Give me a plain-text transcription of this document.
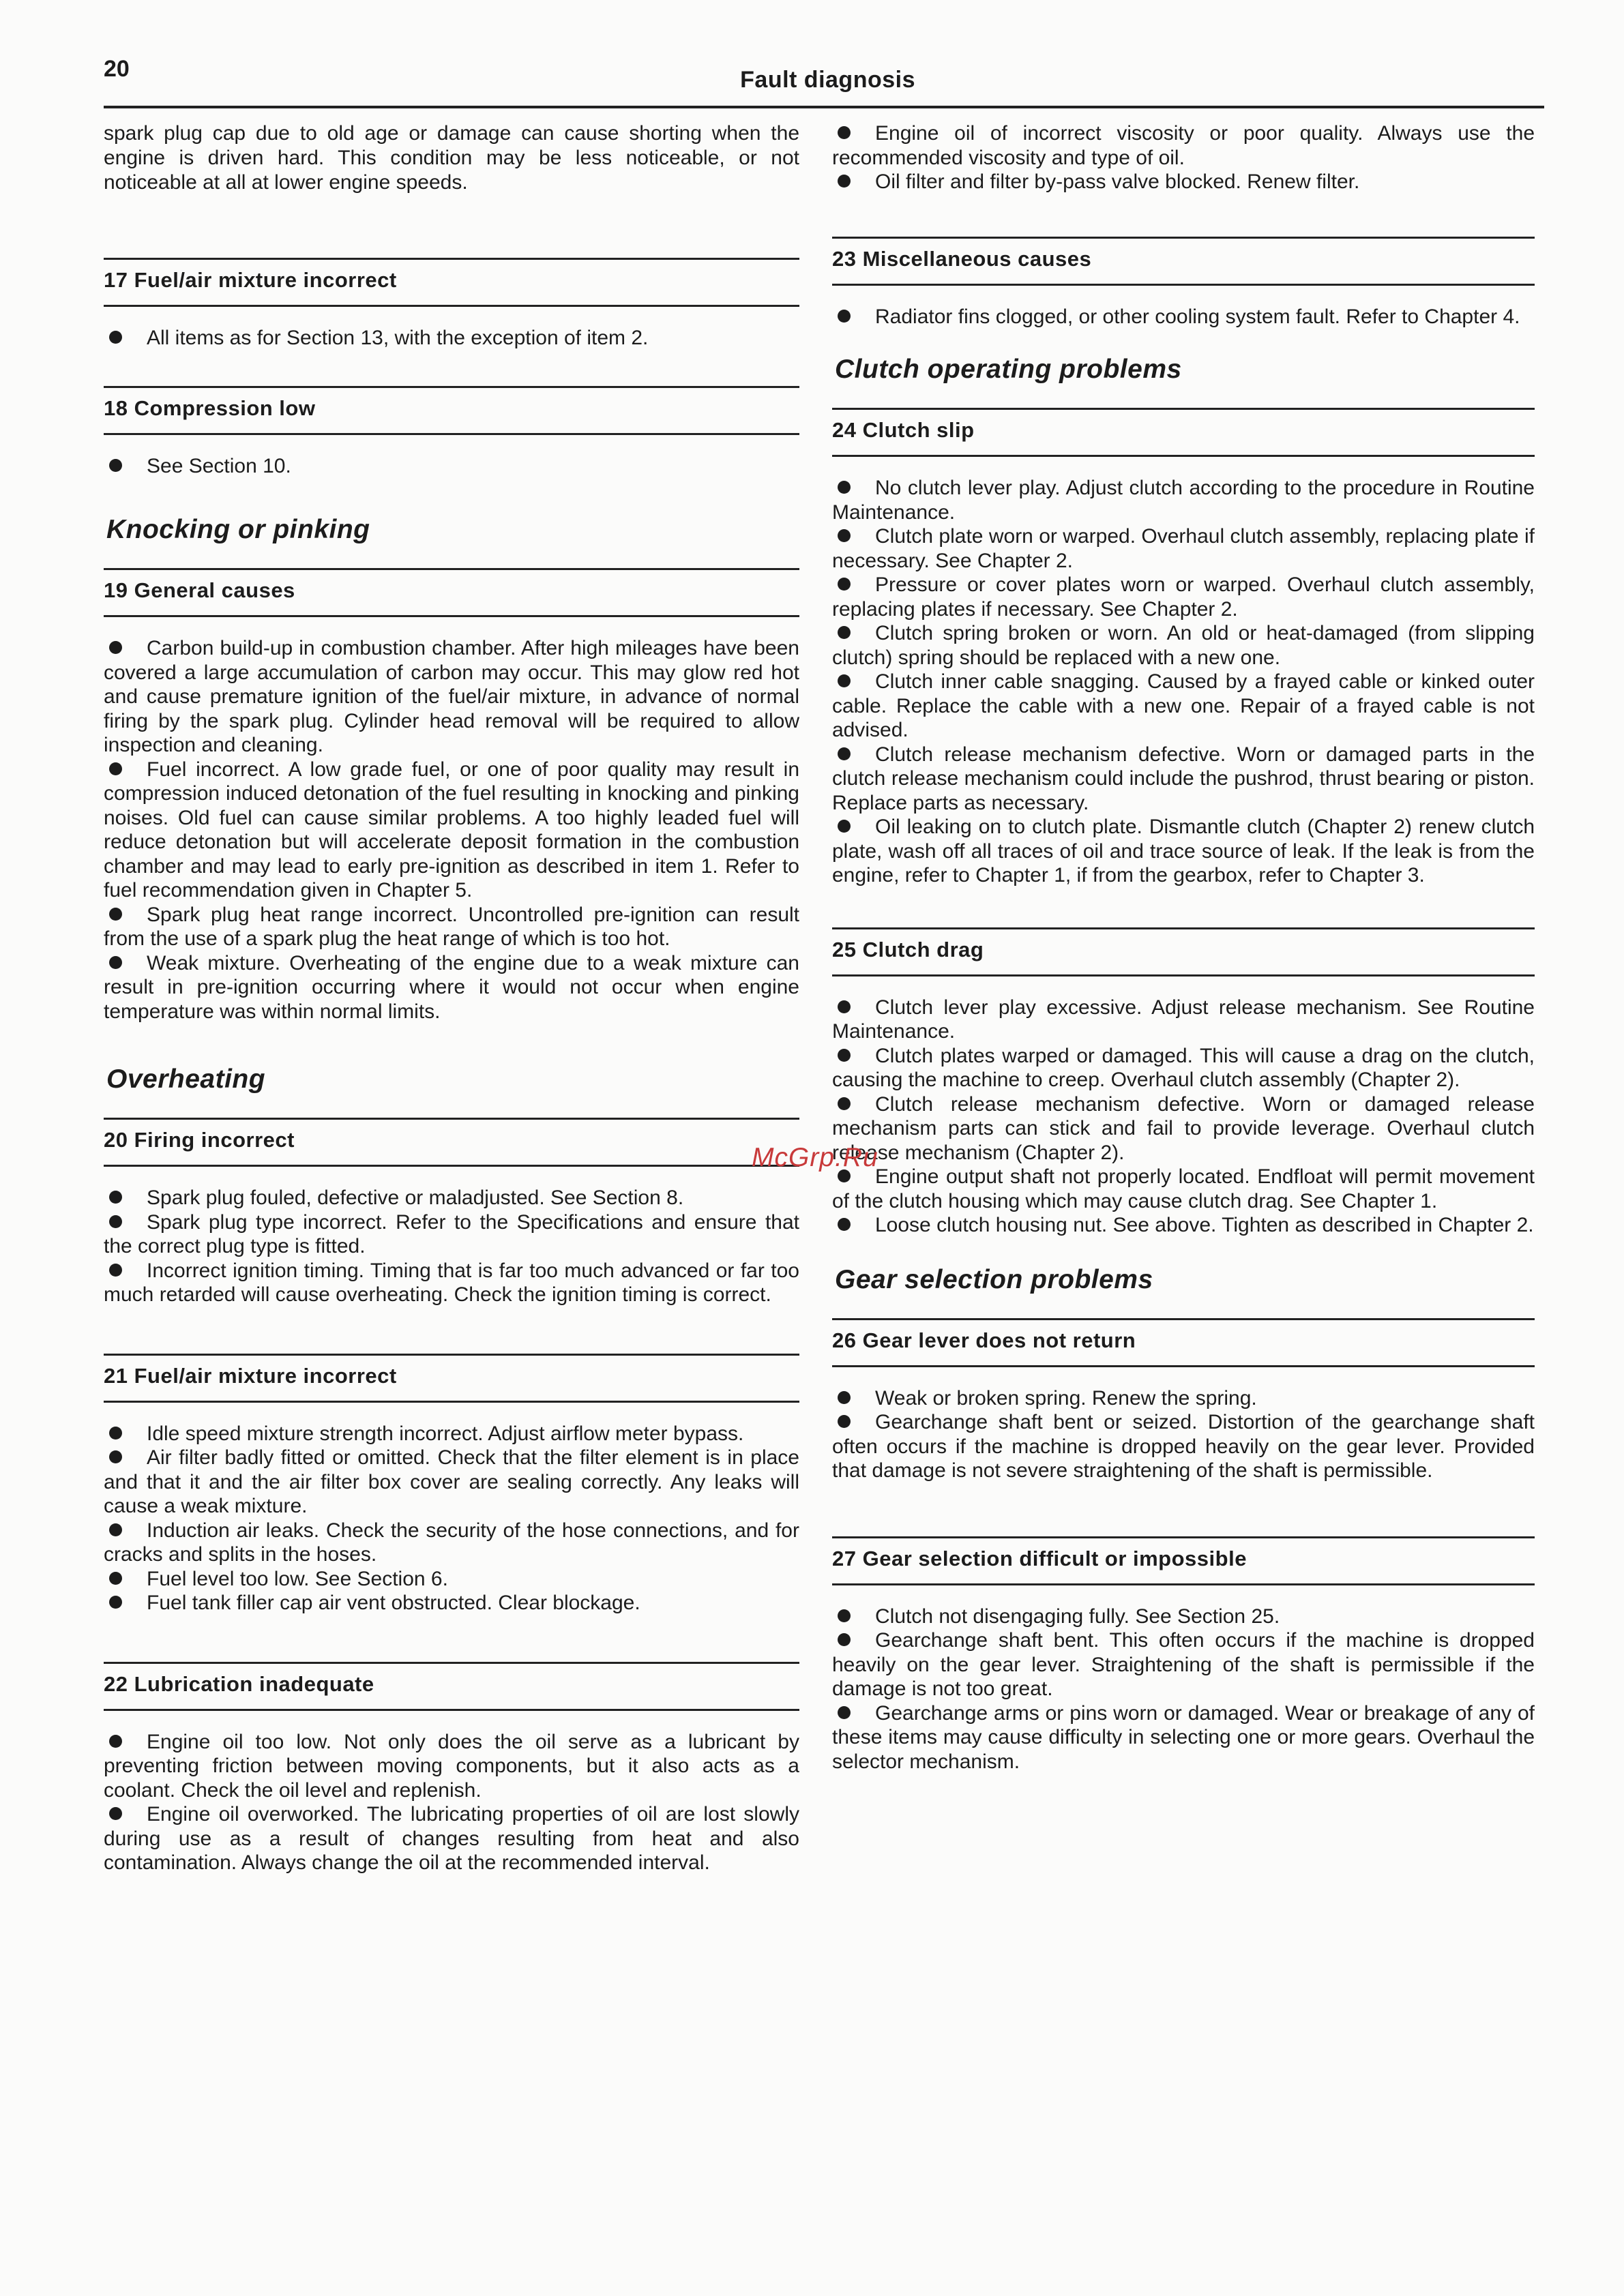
20	Fault diagnosis

spark plug cap due to old age or damage can cause shorting when the engine is driven hard. This condition may be less noticeable, or not noticeable at all at lower engine speeds.

17 Fuel/air mixture incorrect

All items as for Section 13, with the exception of item 2.

18 Compression low

See Section 10.

Knocking or pinking
19 General causes

Carbon build-up in combustion chamber. After high mileages have been covered a large accumulation of carbon may occur. This may glow red hot and cause premature ignition of the fuel/air mixture, in advance of normal firing by the spark plug. Cylinder head removal will be required to allow inspection and cleaning.

Fuel incorrect. A low grade fuel, or one of poor quality may result in compression induced detonation of the fuel resulting in knocking and pinking noises. Old fuel can cause similar problems. A too highly leaded fuel will reduce detonation but will accelerate deposit formation in the combustion chamber and may lead to early pre-ignition as described in item 1. Refer to fuel recommendation given in Chapter 5.

Spark plug heat range incorrect. Uncontrolled pre-ignition can result from the use of a spark plug the heat range of which is too hot.

Weak mixture. Overheating of the engine due to a weak mixture can result in pre-ignition occurring where it would not occur when engine temperature was within normal limits.

Overheating
20 Firing incorrect

Spark plug fouled, defective or maladjusted. See Section 8.

Spark plug type incorrect. Refer to the Specifications and ensure that the correct plug type is fitted.

Incorrect ignition timing. Timing that is far too much advanced or far too much retarded will cause overheating. Check the ignition timing is correct.

21 Fuel/air mixture incorrect

Idle speed mixture strength incorrect. Adjust airflow meter bypass.

Air filter badly fitted or omitted. Check that the filter element is in place and that it and the air filter box cover are sealing correctly. Any leaks will cause a weak mixture.

Induction air leaks. Check the security of the hose connections, and for cracks and splits in the hoses.

Fuel level too low. See Section 6.

Fuel tank filler cap air vent obstructed. Clear blockage.

22 Lubrication inadequate

Engine oil too low. Not only does the oil serve as a lubricant by preventing friction between moving components, but it also acts as a coolant. Check the oil level and replenish.

Engine oil overworked. The lubricating properties of oil are lost slowly during use as a result of changes resulting from heat and also contamination. Always change the oil at the recommended interval.

Engine oil of incorrect viscosity or poor quality. Always use the recommended viscosity and type of oil.

Oil filter and filter by-pass valve blocked. Renew filter.

23 Miscellaneous causes

Radiator fins clogged, or other cooling system fault. Refer to Chapter 4.

Clutch operating problems
24 Clutch slip

No clutch lever play. Adjust clutch according to the procedure in Routine Maintenance.

Clutch plate worn or warped. Overhaul clutch assembly, replacing plate if necessary. See Chapter 2.

Pressure or cover plates worn or warped. Overhaul clutch assembly, replacing plates if necessary. See Chapter 2.

Clutch spring broken or worn. An old or heat-damaged (from slipping clutch) spring should be replaced with a new one.

Clutch inner cable snagging. Caused by a frayed cable or kinked outer cable. Replace the cable with a new one. Repair of a frayed cable is not advised.

Clutch release mechanism defective. Worn or damaged parts in the clutch release mechanism could include the pushrod, thrust bearing or piston. Replace parts as necessary.

Oil leaking on to clutch plate. Dismantle clutch (Chapter 2) renew clutch plate, wash off all traces of oil and trace source of leak. If the leak is from the engine, refer to Chapter 1, if from the gearbox, refer to Chapter 3.

25 Clutch drag

Clutch lever play excessive. Adjust release mechanism. See Routine Maintenance.

Clutch plates warped or damaged. This will cause a drag on the clutch, causing the machine to creep. Overhaul clutch assembly (Chapter 2).

Clutch release mechanism defective. Worn or damaged release mechanism parts can stick and fail to provide leverage. Overhaul clutch release mechanism (Chapter 2).

Engine output shaft not properly located. Endfloat will permit movement of the clutch housing which may cause clutch drag. See Chapter 1.

Loose clutch housing nut. See above. Tighten as described in Chapter 2.

Gear selection problems
26 Gear lever does not return

Weak or broken spring. Renew the spring.

Gearchange shaft bent or seized. Distortion of the gearchange shaft often occurs if the machine is dropped heavily on the gear lever. Provided that damage is not severe straightening of the shaft is permissible.

27 Gear selection difficult or impossible

Clutch not disengaging fully. See Section 25.

Gearchange shaft bent. This often occurs if the machine is dropped heavily on the gear lever. Straightening of the shaft is permissible if the damage is not too great.

Gearchange arms or pins worn or damaged. Wear or breakage of any of these items may cause difficulty in selecting one or more gears. Overhaul the selector mechanism.

McGrp.Ru
